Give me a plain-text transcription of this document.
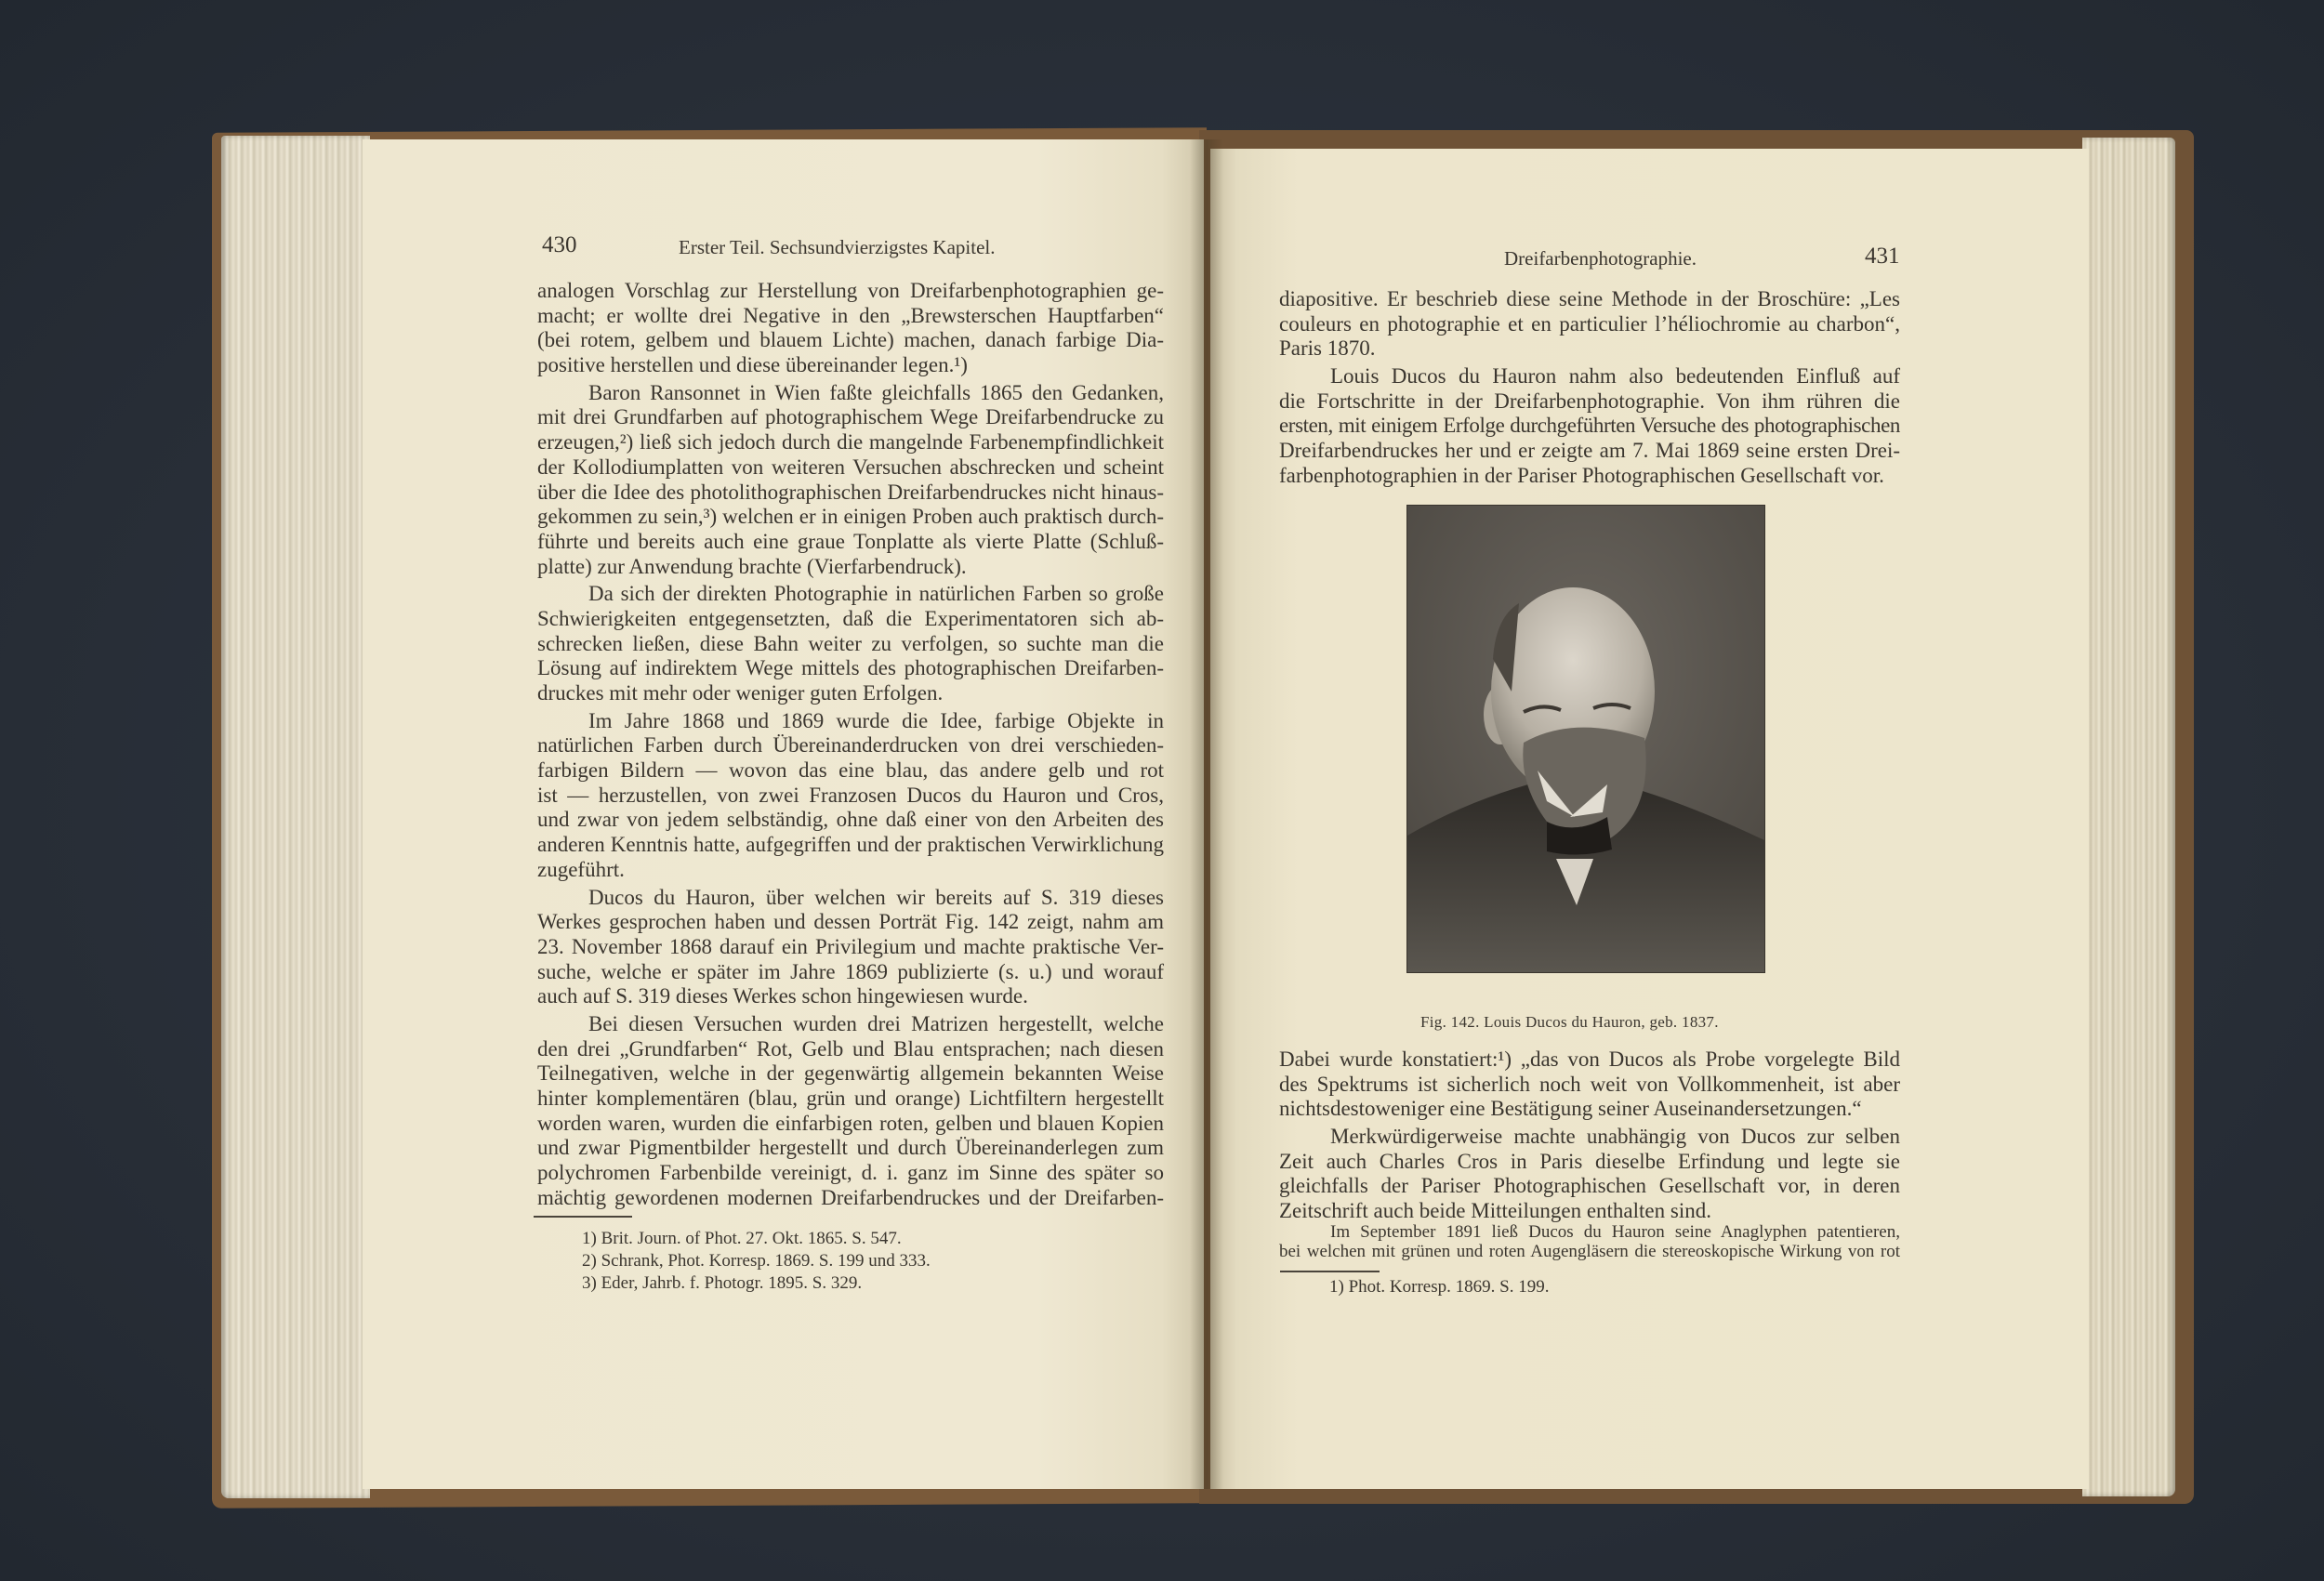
430	Erster Teil. Sechsundvierzigstes Kapitel.
analogen Vorschlag zur Herstellung von Dreifarbenphotographien ge-
macht; er wollte drei Negative in den „Brewsterschen Hauptfarben“
(bei rotem, gelbem und blauem Lichte) machen, danach farbige Dia-
positive herstellen und diese übereinander legen.¹)
Baron Ransonnet in Wien faßte gleichfalls 1865 den Gedanken,
mit drei Grundfarben auf photographischem Wege Dreifarbendrucke zu
erzeugen,²) ließ sich jedoch durch die mangelnde Farbenempfindlichkeit
der Kollodiumplatten von weiteren Versuchen abschrecken und scheint
über die Idee des photolithographischen Dreifarbendruckes nicht hinaus-
gekommen zu sein,³) welchen er in einigen Proben auch praktisch durch-
führte und bereits auch eine graue Tonplatte als vierte Platte (Schluß-
platte) zur Anwendung brachte (Vierfarbendruck).
Da sich der direkten Photographie in natürlichen Farben so große
Schwierigkeiten entgegensetzten, daß die Experimentatoren sich ab-
schrecken ließen, diese Bahn weiter zu verfolgen, so suchte man die
Lösung auf indirektem Wege mittels des photographischen Dreifarben-
druckes mit mehr oder weniger guten Erfolgen.
Im Jahre 1868 und 1869 wurde die Idee, farbige Objekte in
natürlichen Farben durch Übereinanderdrucken von drei verschieden-
farbigen Bildern — wovon das eine blau, das andere gelb und rot
ist — herzustellen, von zwei Franzosen Ducos du Hauron und Cros,
und zwar von jedem selbständig, ohne daß einer von den Arbeiten des
anderen Kenntnis hatte, aufgegriffen und der praktischen Verwirklichung
zugeführt.
Ducos du Hauron, über welchen wir bereits auf S. 319 dieses
Werkes gesprochen haben und dessen Porträt Fig. 142 zeigt, nahm am
23. November 1868 darauf ein Privilegium und machte praktische Ver-
suche, welche er später im Jahre 1869 publizierte (s. u.) und worauf
auch auf S. 319 dieses Werkes schon hingewiesen wurde.
Bei diesen Versuchen wurden drei Matrizen hergestellt, welche
den drei „Grundfarben“ Rot, Gelb und Blau entsprachen; nach diesen
Teilnegativen, welche in der gegenwärtig allgemein bekannten Weise
hinter komplementären (blau, grün und orange) Lichtfiltern hergestellt
worden waren, wurden die einfarbigen roten, gelben und blauen Kopien
und zwar Pigmentbilder hergestellt und durch Übereinanderlegen zum
polychromen Farbenbilde vereinigt, d. i. ganz im Sinne des später so
mächtig gewordenen modernen Dreifarbendruckes und der Dreifarben-
1) Brit. Journ. of Phot. 27. Okt. 1865. S. 547.
2) Schrank, Phot. Korresp. 1869. S. 199 und 333.
3) Eder, Jahrb. f. Photogr. 1895. S. 329.
Dreifarbenphotographie.	431
diapositive. Er beschrieb diese seine Methode in der Broschüre: „Les
couleurs en photographie et en particulier l’héliochromie au charbon“,
Paris 1870.
Louis Ducos du Hauron nahm also bedeutenden Einfluß auf
die Fortschritte in der Dreifarbenphotographie. Von ihm rühren die
ersten, mit einigem Erfolge durchgeführten Versuche des photographischen
Dreifarbendruckes her und er zeigte am 7. Mai 1869 seine ersten Drei-
farbenphotographien in der Pariser Photographischen Gesellschaft vor.
Fig. 142. Louis Ducos du Hauron, geb. 1837.
Dabei wurde konstatiert:¹) „das von Ducos als Probe vorgelegte Bild
des Spektrums ist sicherlich noch weit von Vollkommenheit, ist aber
nichtsdestoweniger eine Bestätigung seiner Auseinandersetzungen.“
Merkwürdigerweise machte unabhängig von Ducos zur selben
Zeit auch Charles Cros in Paris dieselbe Erfindung und legte sie
gleichfalls der Pariser Photographischen Gesellschaft vor, in deren
Zeitschrift auch beide Mitteilungen enthalten sind.
Im September 1891 ließ Ducos du Hauron seine Anaglyphen patentieren,
bei welchen mit grünen und roten Augengläsern die stereoskopische Wirkung von rot
1) Phot. Korresp. 1869. S. 199.
